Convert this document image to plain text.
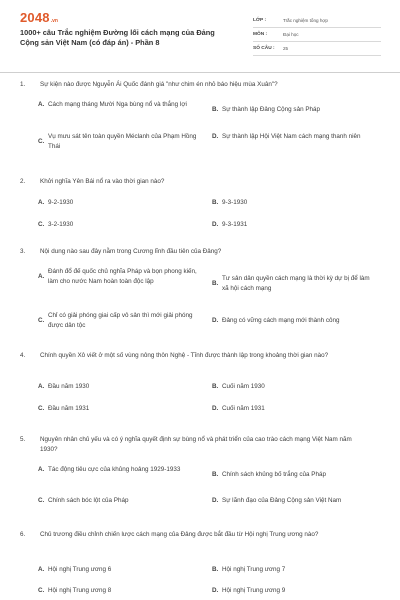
2048 .vn
1000+ câu Trắc nghiệm Đường lối cách mạng của Đảng Cộng sản Việt Nam (có đáp án) - Phần 8
LỚP :	Trắc nghiệm tổng hợp
MÔN :	Đại học
SỐ CÂU :	25
1.	Sự kiện nào được Nguyễn Ái Quốc đánh giá "như chim én nhỏ báo hiệu mùa Xuân"?
A. Cách mạng tháng Mười Nga bùng nổ và thắng lợi
B. Sự thành lập Đảng Cộng sản Pháp
C.
Vụ mưu sát tên toàn quyền Méclanh của Phạm Hồng Thái
D. Sự thành lập Hội Việt Nam cách mạng thanh niên
2.	Khởi nghĩa Yên Bái nổ ra vào thời gian nào?
A. 9-2-1930	B. 9-3-1930
C. 3-2-1930	D. 9-3-1931
3.	Nội dung nào sau đây nằm trong Cương lĩnh đầu tiên của Đảng?
A.
Đánh đổ đế quốc chủ nghĩa Pháp và bọn phong kiến, làm cho nước Nam hoàn toàn độc lập	B.
Tư sản dân quyền cách mạng là thời kỳ dự bị để làm xã hội cách mạng
C.
Chỉ có giải phóng giai cấp vô sản thì mới giải phóng được dân tộc
D. Đảng có vững cách mạng mới thành công
4.	Chính quyền Xô viết ở một số vùng nông thôn Nghệ - Tĩnh được thành lập trong khoảng thời gian nào?
A. Đầu năm 1930	B. Cuối năm 1930
C. Đầu năm 1931	D. Cuối năm 1931
5.	Nguyên nhân chủ yếu và có ý nghĩa quyết định sự bùng nổ và phát triển của cao trào cách mạng Việt Nam năm 1930?
A. Tác động tiêu cực của khủng hoảng 1929-1933
B. Chính sách khủng bố trắng của Pháp
C. Chính sách bóc lột của Pháp	D. Sự lãnh đạo của Đảng Cộng sản Việt Nam
6.	Chủ trương điều chỉnh chiến lược cách mạng của Đảng được bắt đầu từ Hội nghị Trung ương nào?
A. Hội nghị Trung ương 6	B. Hội nghị Trung ương 7
C. Hội nghị Trung ương 8	D. Hội nghị Trung ương 9
